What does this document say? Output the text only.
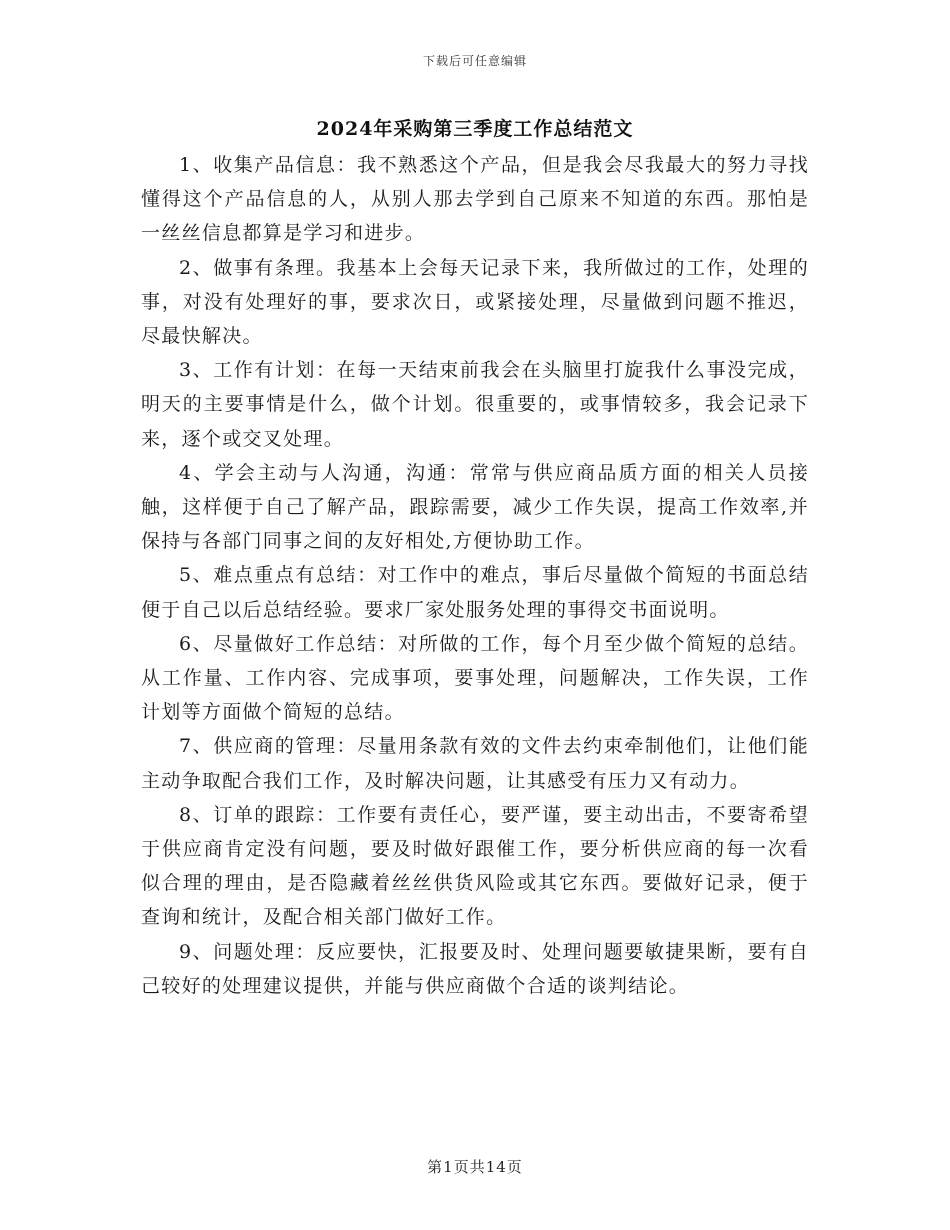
下载后可任意编辑
2024年采购第三季度工作总结范文

1、收集产品信息：我不熟悉这个产品，但是我会尽我最大的努力寻找懂得这个产品信息的人，从别人那去学到自己原来不知道的东西。那怕是一丝丝信息都算是学习和进步。

2、做事有条理。我基本上会每天记录下来，我所做过的工作，处理的事，对没有处理好的事，要求次日，或紧接处理，尽量做到问题不推迟，尽最快解决。

3、工作有计划：在每一天结束前我会在头脑里打旋我什么事没完成，明天的主要事情是什么，做个计划。很重要的，或事情较多，我会记录下来，逐个或交叉处理。

4、学会主动与人沟通，沟通：常常与供应商品质方面的相关人员接触，这样便于自己了解产品，跟踪需要，减少工作失误，提高工作效率,并保持与各部门同事之间的友好相处,方便协助工作。

5、难点重点有总结：对工作中的难点，事后尽量做个简短的书面总结便于自己以后总结经验。要求厂家处服务处理的事得交书面说明。

6、尽量做好工作总结：对所做的工作，每个月至少做个简短的总结。从工作量、工作内容、完成事项，要事处理，问题解决，工作失误，工作计划等方面做个简短的总结。

7、供应商的管理：尽量用条款有效的文件去约束牵制他们，让他们能主动争取配合我们工作，及时解决问题，让其感受有压力又有动力。

8、订单的跟踪：工作要有责任心，要严谨，要主动出击，不要寄希望于供应商肯定没有问题，要及时做好跟催工作，要分析供应商的每一次看似合理的理由，是否隐藏着丝丝供货风险或其它东西。要做好记录，便于查询和统计，及配合相关部门做好工作。

9、问题处理：反应要快，汇报要及时、处理问题要敏捷果断，要有自己较好的处理建议提供，并能与供应商做个合适的谈判结论。

第1页共14页
